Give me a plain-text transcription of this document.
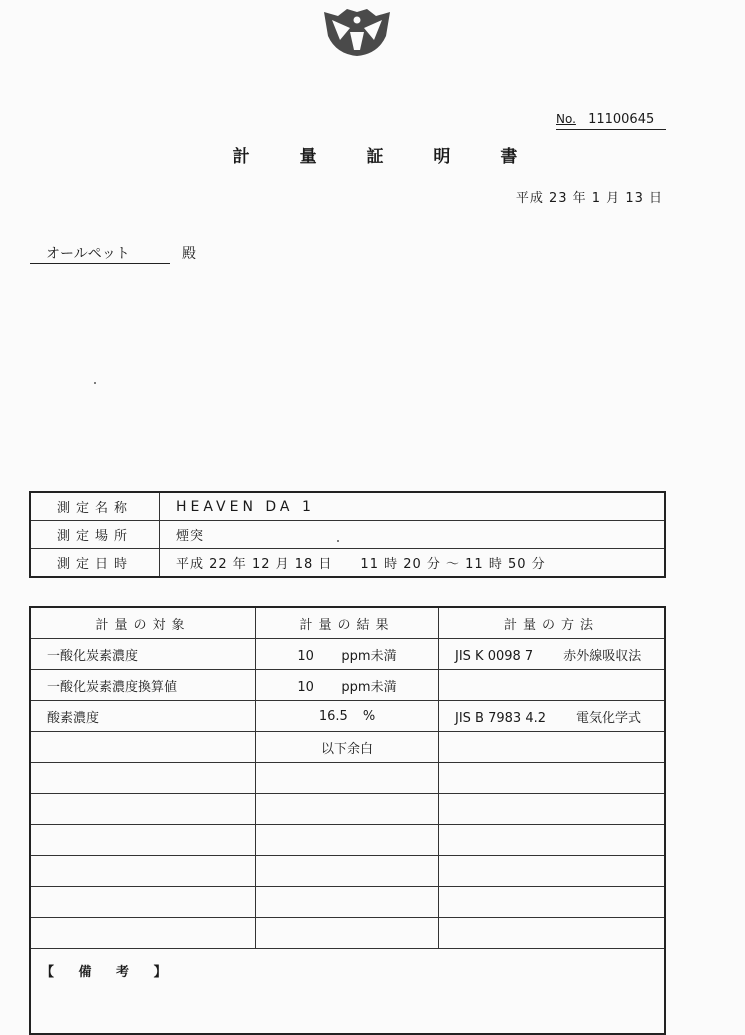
No. 11100645
計	量	証	明	書
平成 23 年 1 月 13 日
オールペット	殿
測定名称	HEAVEN DA 1
測定場所	煙突
測定日時	平成 22 年 12 月 18 日　　11 時 20 分 ～ 11 時 50 分
計量の対象	計量の結果	計量の方法
一酸化炭素濃度	10 ppm未満	JIS K 0098 7 赤外線吸収法
一酸化炭素濃度換算値	10 ppm未満	
酸素濃度	16.5 %	JIS B 7983 4.2 電気化学式
	以下余白	

【 備 考 】		
